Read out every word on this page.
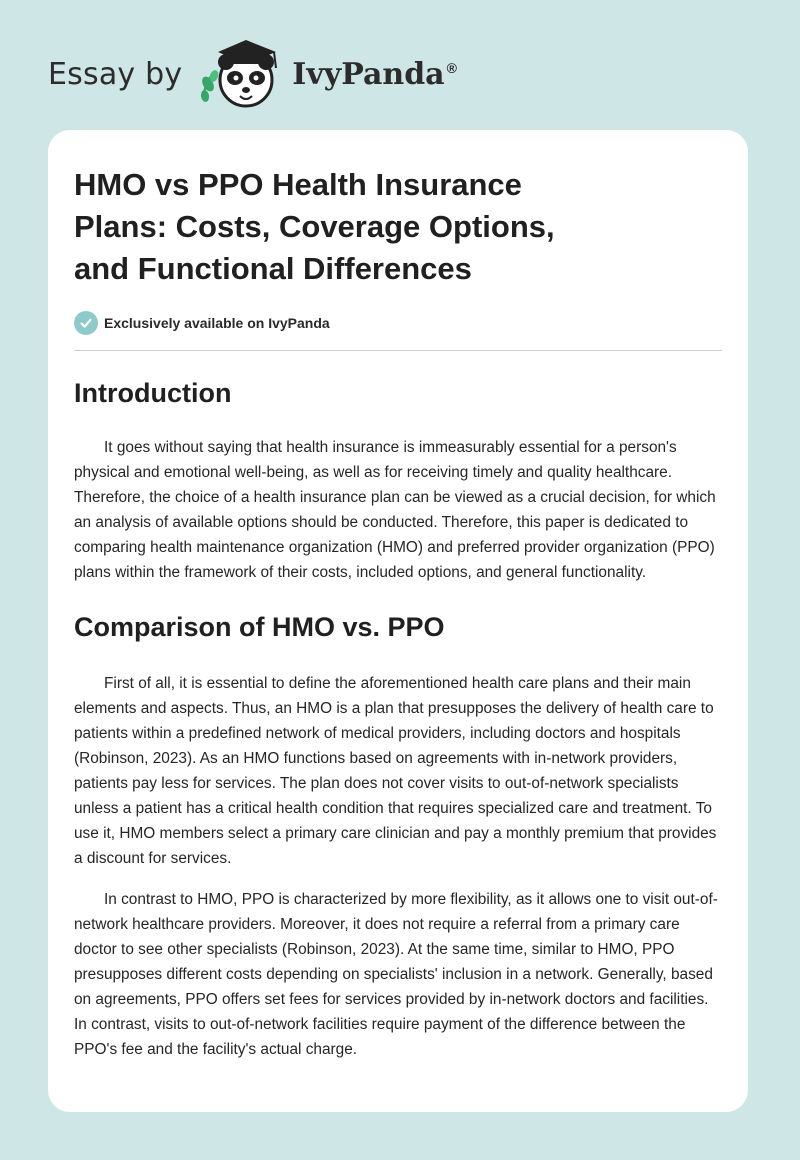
Essay by	IvyPanda ®
HMO vs PPO Health Insurance Plans: Costs, Coverage Options, and Functional Differences
Exclusively available on IvyPanda
Introduction

It goes without saying that health insurance is immeasurably essential for a person's physical and emotional well-being, as well as for receiving timely and quality healthcare. Therefore, the choice of a health insurance plan can be viewed as a crucial decision, for which an analysis of available options should be conducted. Therefore, this paper is dedicated to comparing health maintenance organization (HMO) and preferred provider organization (PPO) plans within the framework of their costs, included options, and general functionality.

Comparison of HMO vs. PPO

First of all, it is essential to define the aforementioned health care plans and their main elements and aspects. Thus, an HMO is a plan that presupposes the delivery of health care to patients within a predefined network of medical providers, including doctors and hospitals (Robinson, 2023). As an HMO functions based on agreements with in-network providers, patients pay less for services. The plan does not cover visits to out-of-network specialists unless a patient has a critical health condition that requires specialized care and treatment. To use it, HMO members select a primary care clinician and pay a monthly premium that provides a discount for services.

In contrast to HMO, PPO is characterized by more flexibility, as it allows one to visit out-of-network healthcare providers. Moreover, it does not require a referral from a primary care doctor to see other specialists (Robinson, 2023). At the same time, similar to HMO, PPO presupposes different costs depending on specialists' inclusion in a network. Generally, based on agreements, PPO offers set fees for services provided by in-network doctors and facilities. In contrast, visits to out-of-network facilities require payment of the difference between the PPO's fee and the facility's actual charge.
